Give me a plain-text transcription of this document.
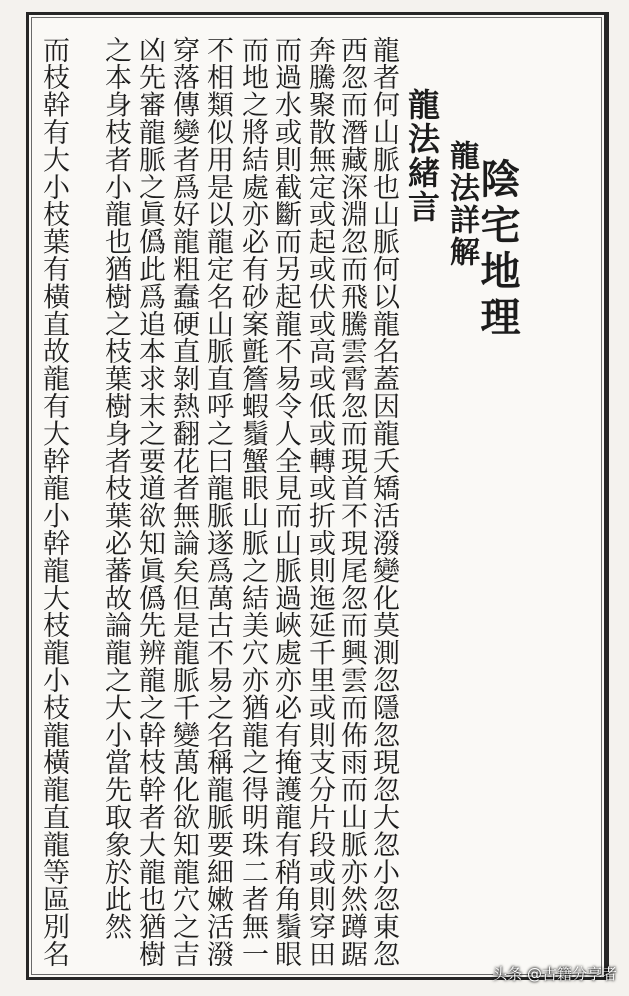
陰宅地理
龍法詳解
龍法緒言
龍者何山脈也山脈何以龍名蓋因龍夭矯活潑變化莫測忽隱忽現忽大忽小忽東忽
西忽而潛藏深淵忽而飛騰雲霄忽而現首不現尾忽而興雲而佈雨而山脈亦然蹲踞
奔騰聚散無定或起或伏或高或低或轉或折或則迤延千里或則支分片段或則穿田
而過水或則截斷而另起龍不易令人全見而山脈過峽處亦必有掩護龍有稍角鬚眼
而地之將結處亦必有砂案氈簷蝦鬚蟹眼山脈之結美穴亦猶龍之得明珠二者無一
不相類似用是以龍定名山脈直呼之曰龍脈遂爲萬古不易之名稱龍脈要細嫩活潑
穿落傳變者爲好龍粗蠢硬直剝熱翻花者無論矣但是龍脈千變萬化欲知龍穴之吉
凶先審龍脈之眞僞此爲追本求末之要道欲知眞僞先辨龍之幹枝幹者大龍也猶樹
之本身枝者小龍也猶樹之枝葉樹身者枝葉必蕃故論龍之大小當先取象於此然
而枝幹有大小枝葉有橫直故龍有大幹龍小幹龍大枝龍小枝龍橫龍直龍等區別名
头条 @古籍分享者
